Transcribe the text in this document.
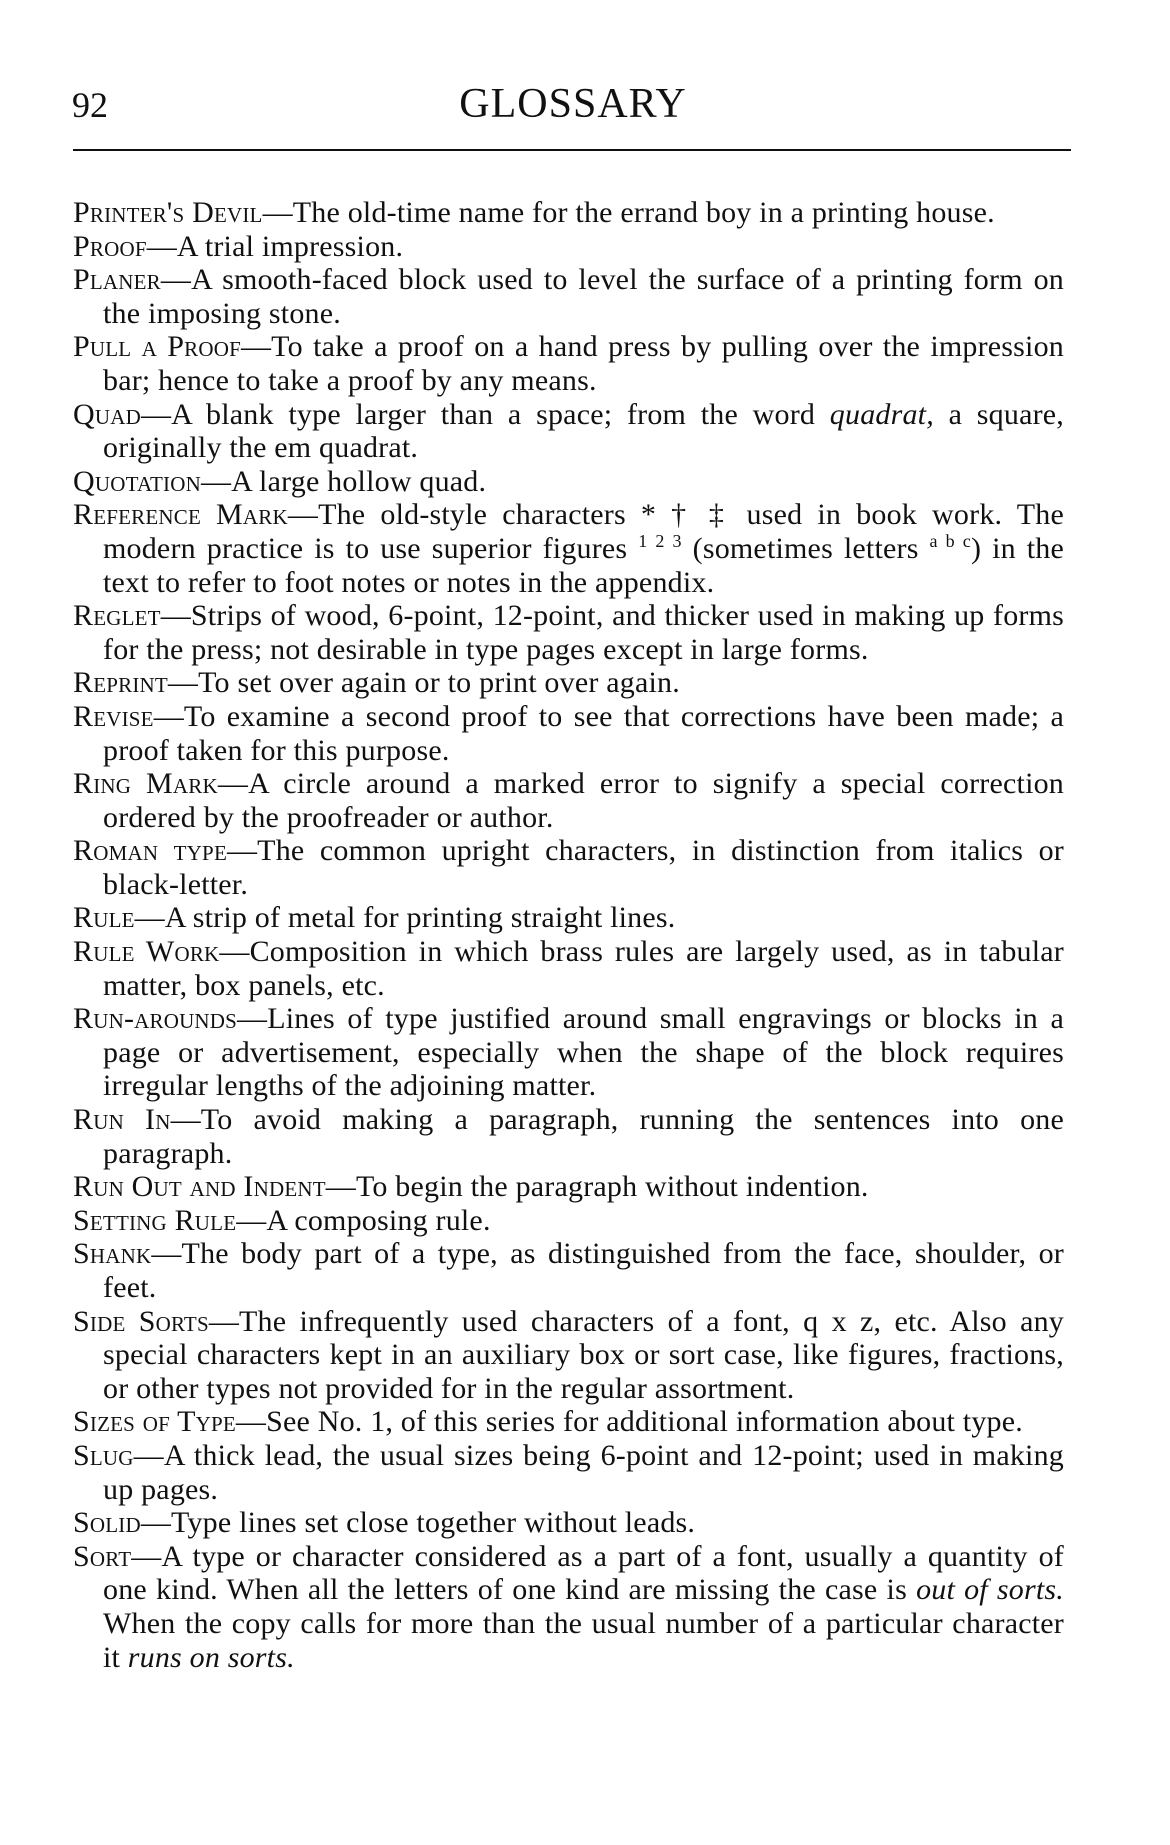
92	GLOSSARY

Printer's Devil—The old-time name for the errand boy in a printing house.

Proof—A trial impression.

Planer—A smooth-faced block used to level the surface of a printing form on the imposing stone.

Pull a Proof—To take a proof on a hand press by pulling over the impression bar; hence to take a proof by any means.

Quad—A blank type larger than a space; from the word quadrat, a square, originally the em quadrat.

Quotation—A large hollow quad.

Reference Mark—The old-style characters * † ‡ used in book work. The modern practice is to use superior figures $^{1 2 3}$ (sometimes letters $^{a b c}$) in the text to refer to foot notes or notes in the appendix.

Reglet—Strips of wood, 6-point, 12-point, and thicker used in making up forms for the press; not desirable in type pages except in large forms.

Reprint—To set over again or to print over again.

Revise—To examine a second proof to see that corrections have been made; a proof taken for this purpose.

Ring Mark—A circle around a marked error to signify a special correction ordered by the proofreader or author.

Roman type—The common upright characters, in distinction from italics or black-letter.

Rule—A strip of metal for printing straight lines.

Rule Work—Composition in which brass rules are largely used, as in tabular matter, box panels, etc.

Run-arounds—Lines of type justified around small engravings or blocks in a page or advertisement, especially when the shape of the block requires irregular lengths of the adjoining matter.

Run In—To avoid making a paragraph, running the sentences into one paragraph.

Run Out and Indent—To begin the paragraph without indention.

Setting Rule—A composing rule.

Shank—The body part of a type, as distinguished from the face, shoulder, or feet.

Side Sorts—The infrequently used characters of a font, q x z, etc. Also any special characters kept in an auxiliary box or sort case, like figures, fractions, or other types not provided for in the regular assortment.

Sizes of Type—See No. 1, of this series for additional information about type.

Slug—A thick lead, the usual sizes being 6-point and 12-point; used in making up pages.

Solid—Type lines set close together without leads.

Sort—A type or character considered as a part of a font, usually a quantity of one kind. When all the letters of one kind are missing the case is out of sorts. When the copy calls for more than the usual number of a particular character it runs on sorts.
